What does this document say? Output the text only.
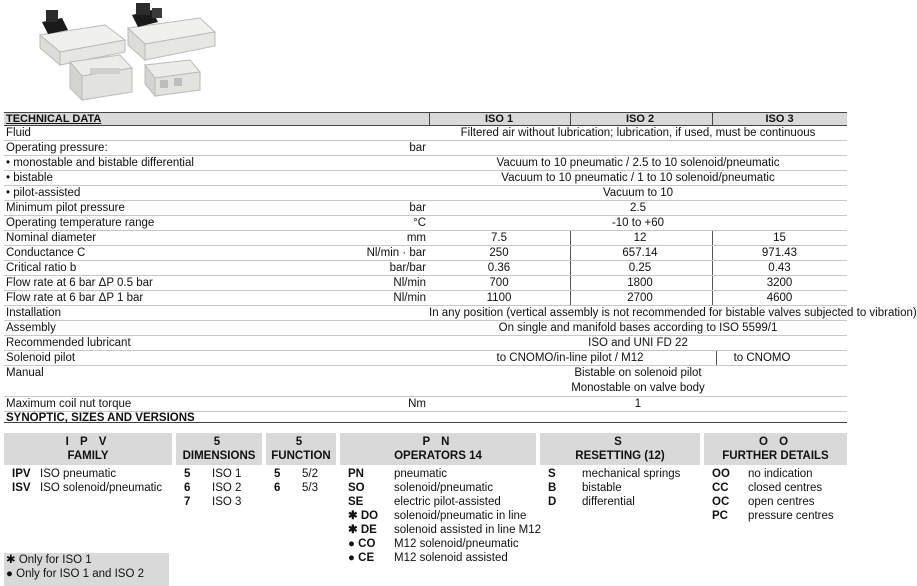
TECHNICAL DATA	ISO 1	ISO 2	ISO 3
Fluid	Filtered air without lubrication; lubrication, if used, must be continuous
Operating pressure:	bar
• monostable and bistable differential	Vacuum to 10 pneumatic / 2.5 to 10 solenoid/pneumatic
• bistable	Vacuum to 10 pneumatic / 1 to 10 solenoid/pneumatic
• pilot-assisted	Vacuum to 10
Minimum pilot pressure	bar	2.5
Operating temperature range	°C	-10 to +60
Nominal diameter	mm	7.5	12	15
Conductance C	Nl/min · bar	250	657.14	971.43
Critical ratio b	bar/bar	0.36	0.25	0.43
Flow rate at 6 bar ΔP 0.5 bar	Nl/min	700	1800	3200
Flow rate at 6 bar ΔP 1 bar	Nl/min	1100	2700	4600
Installation	In any position (vertical assembly is not recommended for bistable valves subjected to vibration)
Assembly	On single and manifold bases according to ISO 5599/1
Recommended lubricant	ISO and UNI FD 22
Solenoid pilot	to CNOMO/in-line pilot / M12	to CNOMO
Manual	Bistable on solenoid pilot
Monostable on valve body
Maximum coil nut torque	Nm	1
SYNOPTIC, SIZES AND VERSIONS
I P V
FAMILY
IPV ISO pneumatic
ISV ISO solenoid/pneumatic
5
DIMENSIONS
5 ISO 1
6 ISO 2
7 ISO 3
5
FUNCTION
5 5/2
6 5/3
P N
OPERATORS 14
PN	pneumatic
SO	solenoid/pneumatic
SE	electric pilot-assisted
✱ DO solenoid/pneumatic in line
✱ DE solenoid assisted in line M12
● CO M12 solenoid/pneumatic
● CE M12 solenoid assisted
S
RESETTING (12)
S mechanical springs
B bistable
D differential
O O
FURTHER DETAILS
OO no indication
CC closed centres
OC open centres
PC pressure centres
✱ Only for ISO 1
● Only for ISO 1 and ISO 2
